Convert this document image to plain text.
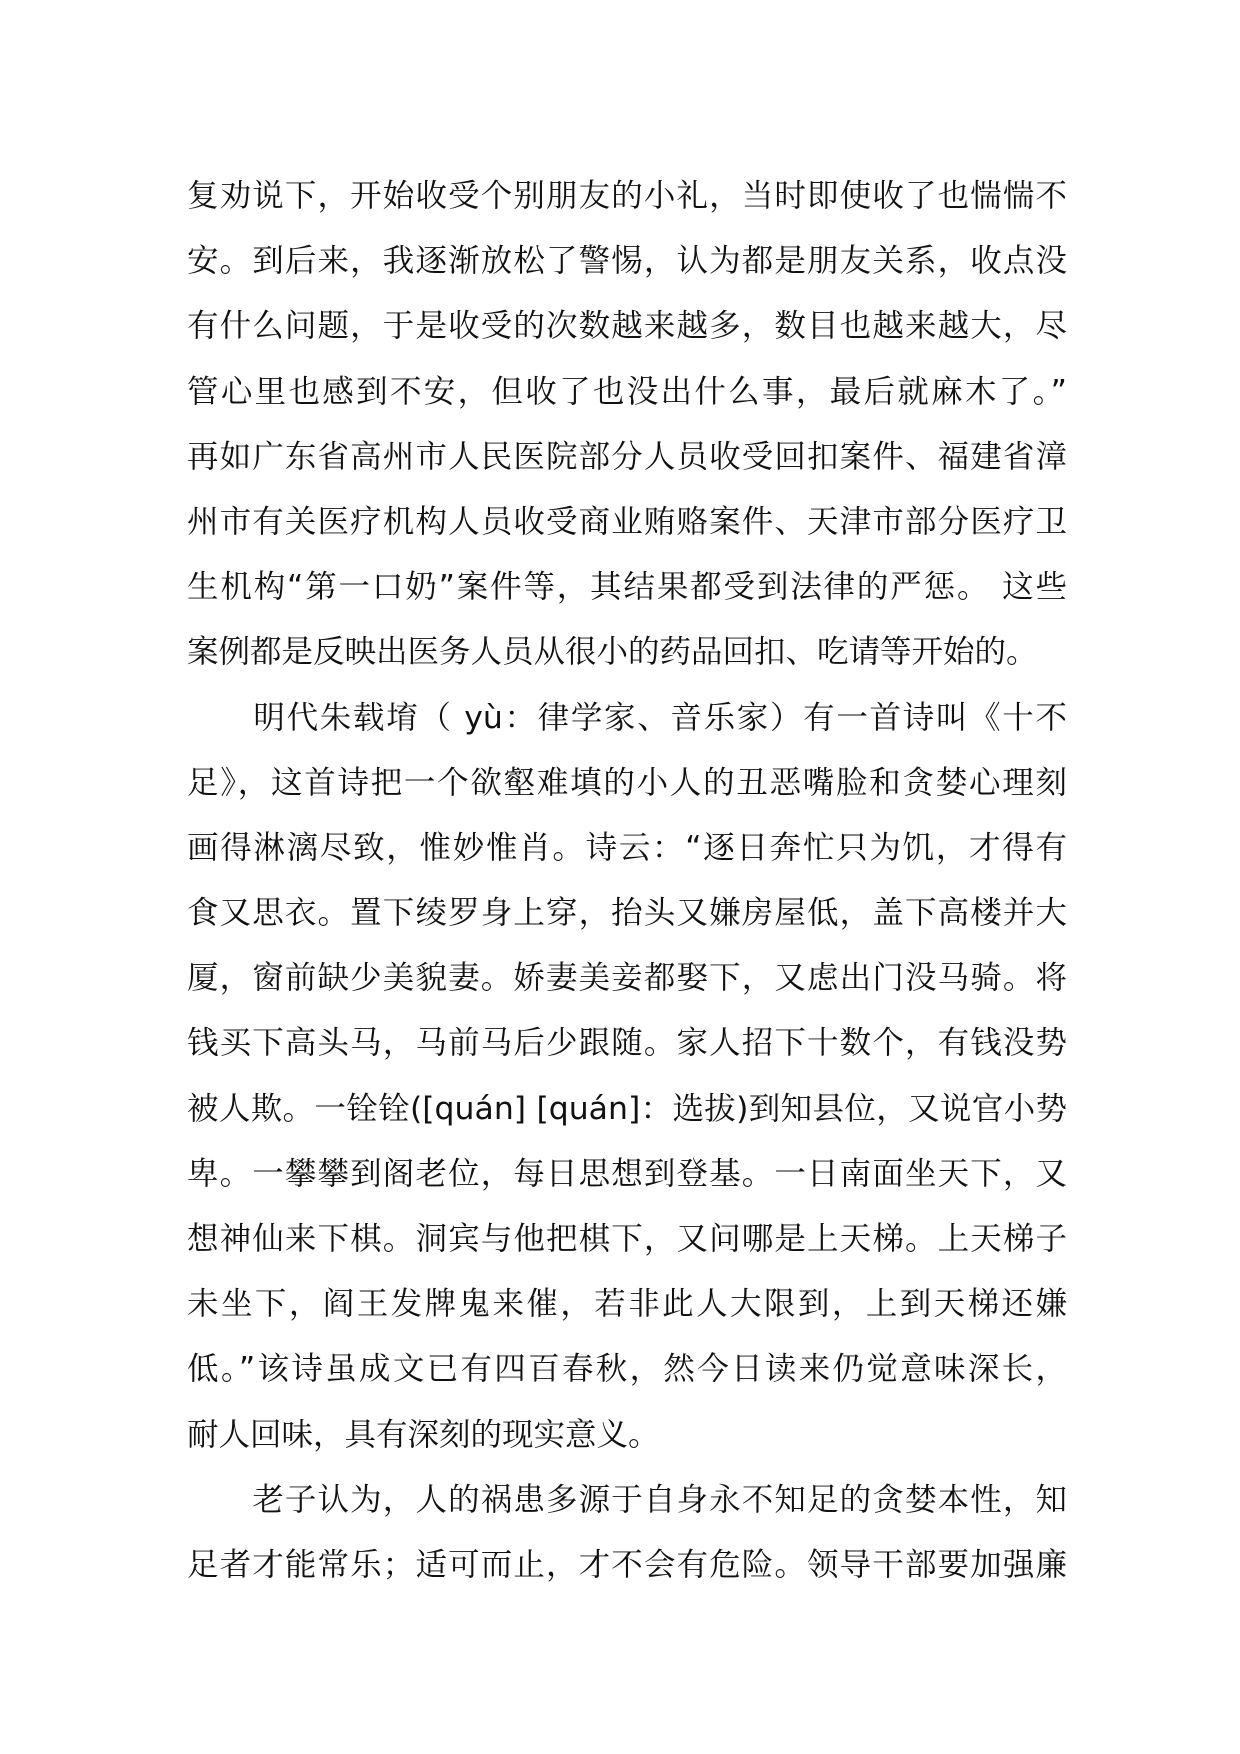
复劝说下，开始收受个别朋友的小礼，当时即使收了也惴惴不
安。到后来，我逐渐放松了警惕，认为都是朋友关系，收点没
有什么问题，于是收受的次数越来越多，数目也越来越大，尽
管心里也感到不安，但收了也没出什么事，最后就麻木了。”
再如广东省高州市人民医院部分人员收受回扣案件、福建省漳
州市有关医疗机构人员收受商业贿赂案件、天津市部分医疗卫
生机构“第一口奶”案件等，其结果都受到法律的严惩。 这些
案例都是反映出医务人员从很小的药品回扣、吃请等开始的。
　　明代朱载堉（ yù：律学家、音乐家）有一首诗叫《十不
足》，这首诗把一个欲壑难填的小人的丑恶嘴脸和贪婪心理刻
画得淋漓尽致，惟妙惟肖。诗云：“逐日奔忙只为饥，才得有
食又思衣。置下绫罗身上穿，抬头又嫌房屋低，盖下高楼并大
厦，窗前缺少美貌妻。娇妻美妾都娶下，又虑出门没马骑。将
钱买下高头马，马前马后少跟随。家人招下十数个，有钱没势
被人欺。一铨铨([quán] [quán]：选拔)到知县位，又说官小势
卑。一攀攀到阁老位，每日思想到登基。一日南面坐天下，又
想神仙来下棋。洞宾与他把棋下，又问哪是上天梯。上天梯子
未坐下，阎王发牌鬼来催，若非此人大限到，上到天梯还嫌
低。”该诗虽成文已有四百春秋，然今日读来仍觉意味深长，
耐人回味，具有深刻的现实意义。
　　老子认为，人的祸患多源于自身永不知足的贪婪本性，知
足者才能常乐；适可而止，才不会有危险。领导干部要加强廉
